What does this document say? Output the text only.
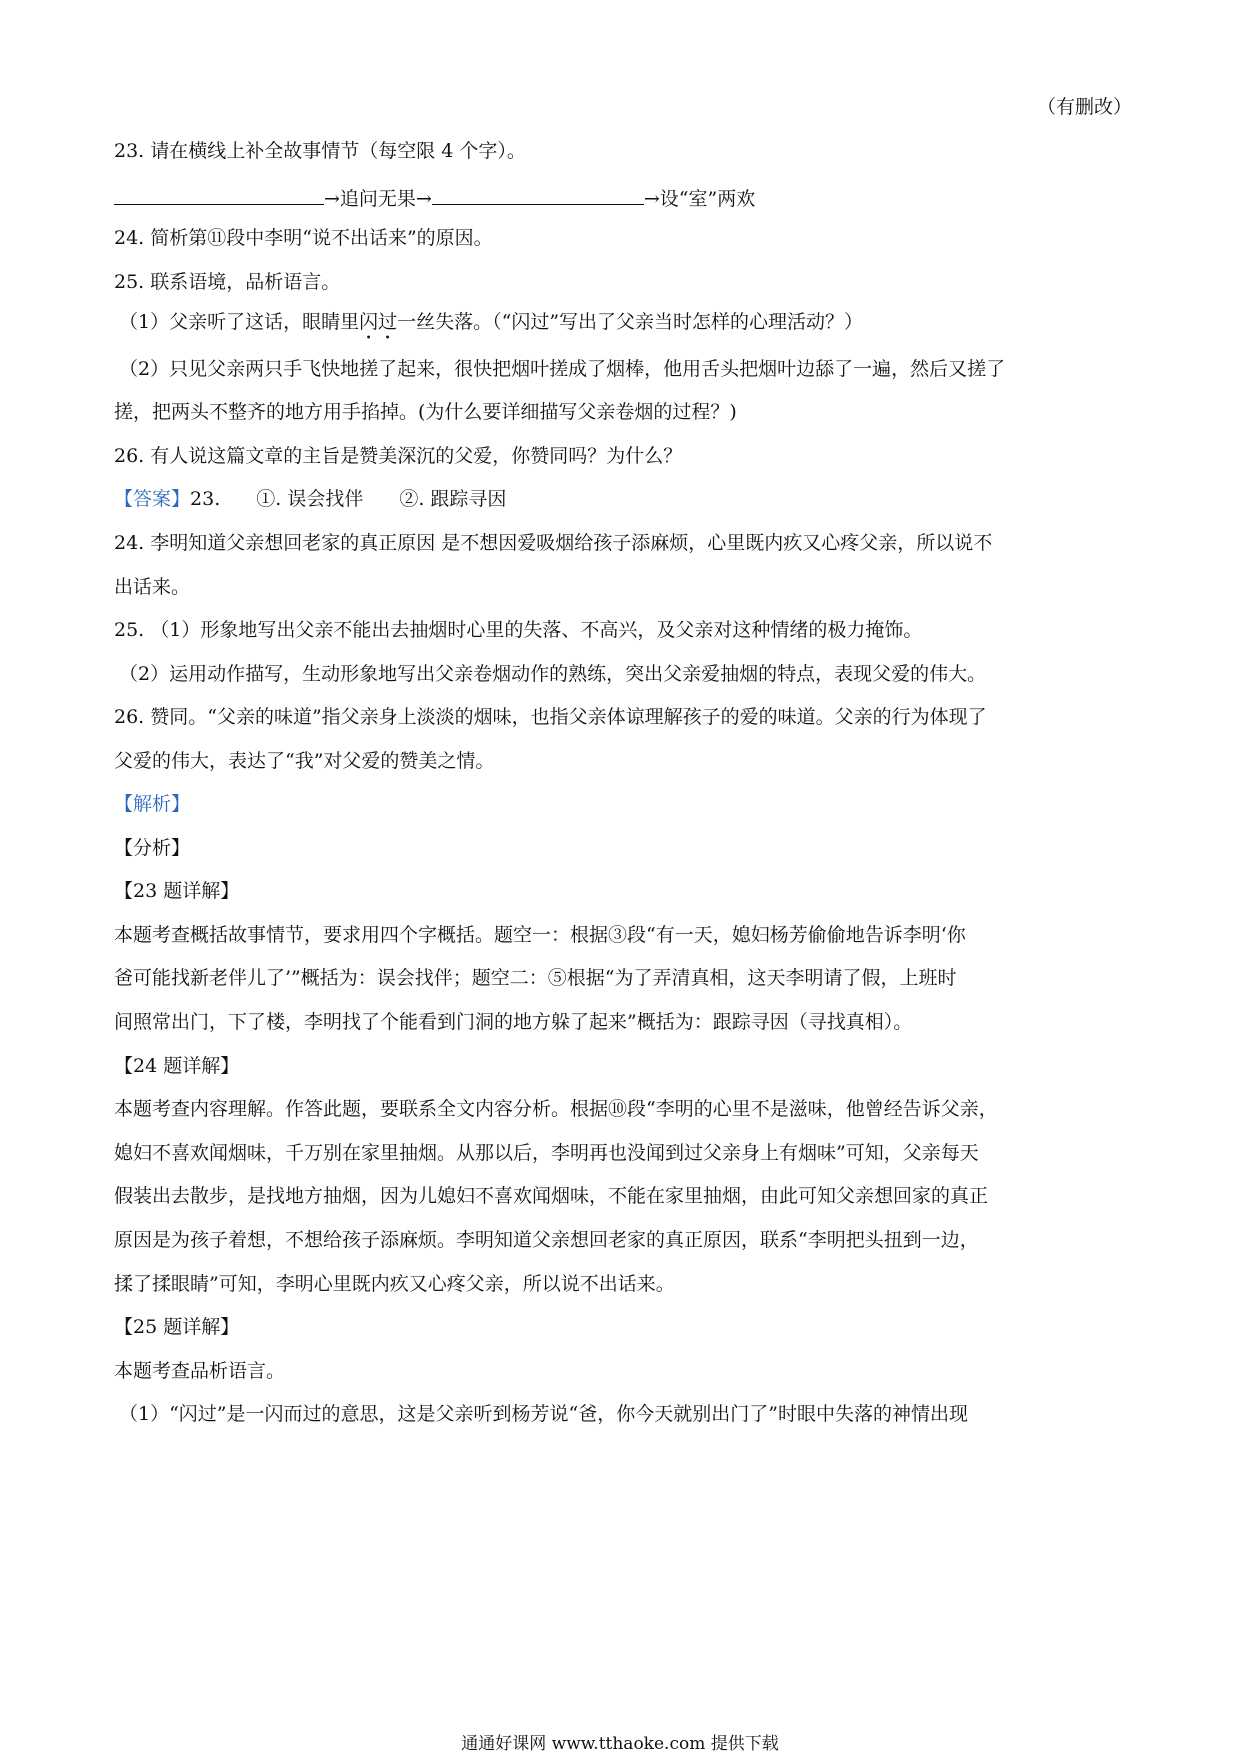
（有删改）
23. 请在横线上补全故事情节（每空限 4 个字）。
→追问无果→	→设“室”两欢
24. 简析第⑪段中李明“说不出话来”的原因。
25. 联系语境，品析语言。
（1）父亲听了这话，眼睛里闪过一丝失落。（“闪过”写出了父亲当时怎样的心理活动？）
（2）只见父亲两只手飞快地搓了起来，很快把烟叶搓成了烟棒，他用舌头把烟叶边舔了一遍，然后又搓了
搓，把两头不整齐的地方用手掐掉。(为什么要详细描写父亲卷烟的过程？)
26. 有人说这篇文章的主旨是赞美深沉的父爱，你赞同吗？为什么？
【答案】23. ①. 误会找伴 ②. 跟踪寻因
24. 李明知道父亲想回老家的真正原因 是不想因爱吸烟给孩子添麻烦，心里既内疚又心疼父亲，所以说不
出话来。
25. （1）形象地写出父亲不能出去抽烟时心里的失落、不高兴，及父亲对这种情绪的极力掩饰。
（2）运用动作描写，生动形象地写出父亲卷烟动作的熟练，突出父亲爱抽烟的特点，表现父爱的伟大。
26. 赞同。“父亲的味道”指父亲身上淡淡的烟味，也指父亲体谅理解孩子的爱的味道。父亲的行为体现了
父爱的伟大，表达了“我”对父爱的赞美之情。
【解析】
【分析】
【23 题详解】
本题考查概括故事情节，要求用四个字概括。题空一：根据③段“有一天，媳妇杨芳偷偷地告诉李明‘你
爸可能找新老伴儿了’”概括为：误会找伴；题空二：⑤根据“为了弄清真相，这天李明请了假，上班时
间照常出门，下了楼，李明找了个能看到门洞的地方躲了起来”概括为：跟踪寻因（寻找真相）。
【24 题详解】
本题考查内容理解。作答此题，要联系全文内容分析。根据⑩段“李明的心里不是滋味，他曾经告诉父亲，
媳妇不喜欢闻烟味，千万别在家里抽烟。从那以后，李明再也没闻到过父亲身上有烟味”可知，父亲每天
假装出去散步，是找地方抽烟，因为儿媳妇不喜欢闻烟味，不能在家里抽烟，由此可知父亲想回家的真正
原因是为孩子着想，不想给孩子添麻烦。李明知道父亲想回老家的真正原因，联系“李明把头扭到一边，
揉了揉眼睛”可知，李明心里既内疚又心疼父亲，所以说不出话来。
【25 题详解】
本题考查品析语言。
（1）“闪过”是一闪而过的意思，这是父亲听到杨芳说“爸，你今天就别出门了”时眼中失落的神情出现
通通好课网 www.tthaoke.com 提供下载
